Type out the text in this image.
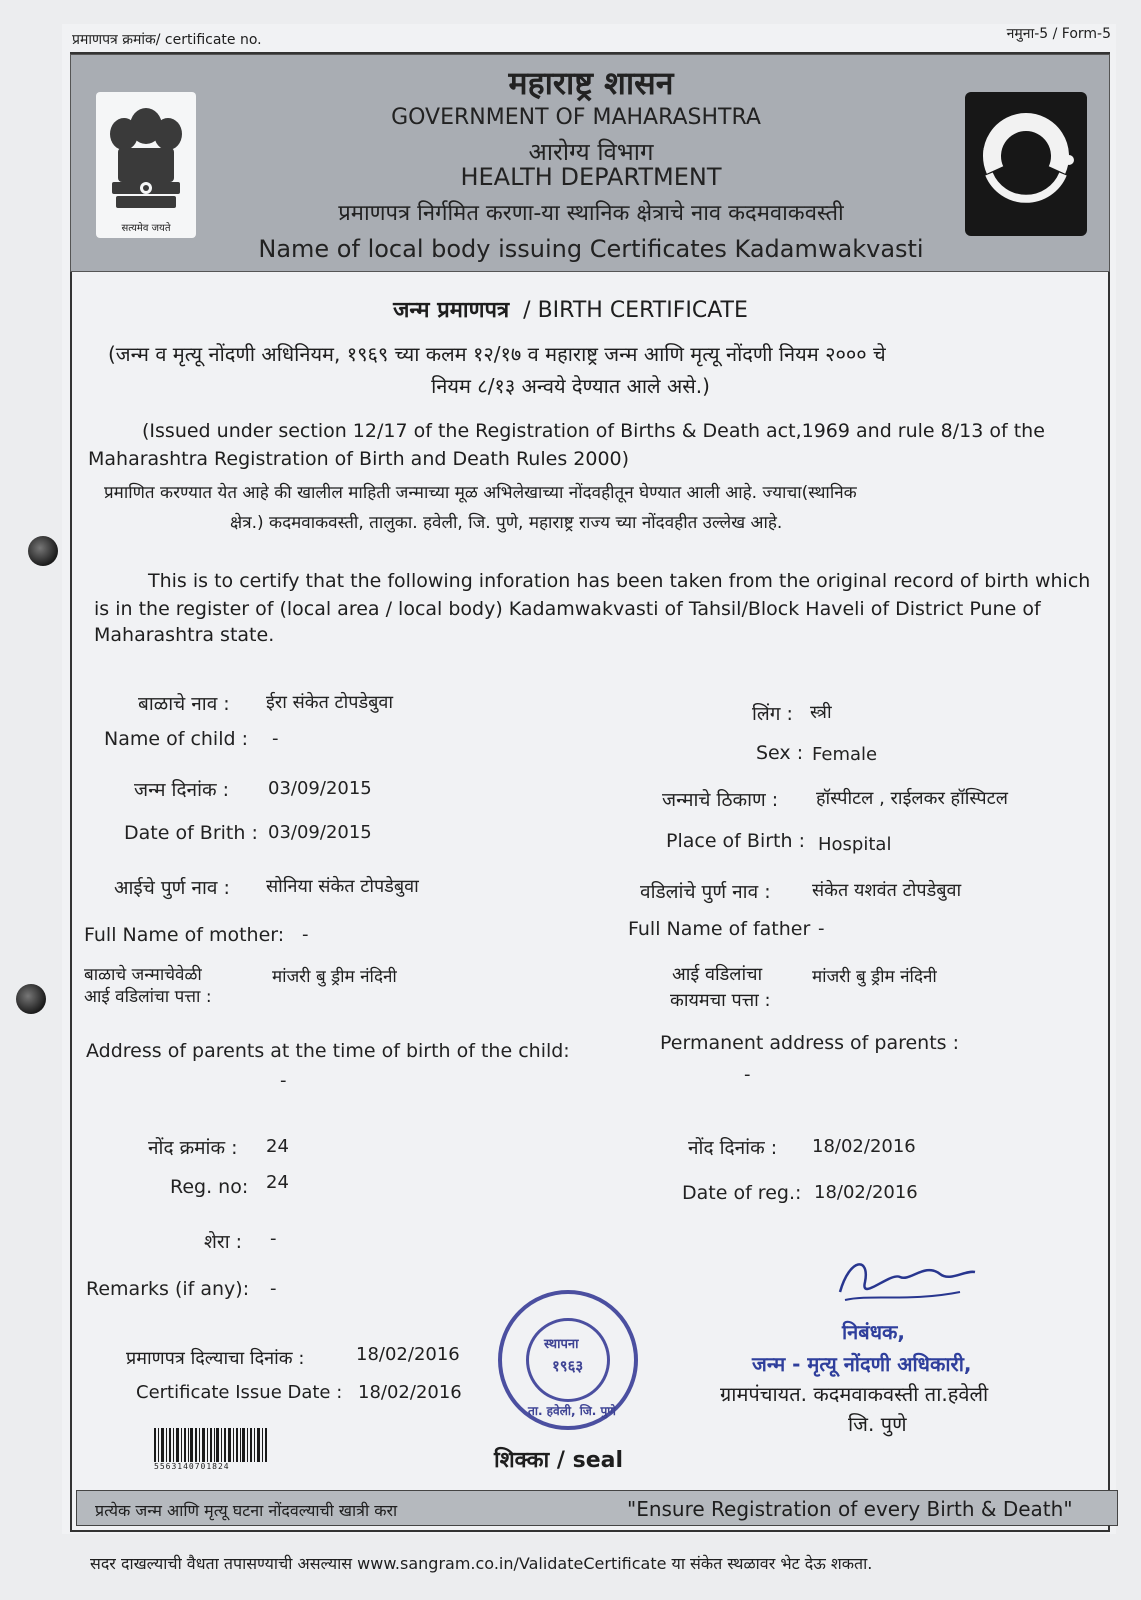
प्रमाणपत्र क्रमांक/ certificate no.	नमुना-5 / Form-5
महाराष्ट्र शासन
GOVERNMENT OF MAHARASHTRA
आरोग्य विभाग
HEALTH DEPARTMENT
प्रमाणपत्र निर्गमित करणा-या स्थानिक क्षेत्राचे नाव कदमवाकवस्ती
Name of local body issuing Certificates Kadamwakvasti
सत्यमेव जयते
जन्म प्रमाणपत्र / BIRTH CERTIFICATE
(जन्म व मृत्यू नोंदणी अधिनियम, १९६९ च्या कलम १२/१७ व महाराष्ट्र जन्म आणि मृत्यू नोंदणी नियम २००० चे
नियम ८/१३ अन्वये देण्यात आले असे.)
(Issued under section 12/17 of the Registration of Births & Death act,1969 and rule 8/13 of the
Maharashtra Registration of Birth and Death Rules 2000)
प्रमाणित करण्यात येत आहे की खालील माहिती जन्माच्या मूळ अभिलेखाच्या नोंदवहीतून घेण्यात आली आहे. ज्याचा(स्थानिक
क्षेत्र.) कदमवाकवस्ती, तालुका. हवेली, जि. पुणे, महाराष्ट्र राज्य च्या नोंदवहीत उल्लेख आहे.
This is to certify that the following inforation has been taken from the original record of birth which
is in the register of (local area / local body) Kadamwakvasti of Tahsil/Block Haveli of District Pune of
Maharashtra state.
बाळाचे नाव : ईरा संकेत टोपडेबुवा
Name of child : -
जन्म दिनांक : 03/09/2015
Date of Brith : 03/09/2015
आईचे पुर्ण नाव : सोनिया संकेत टोपडेबुवा
Full Name of mother: -
बाळाचे जन्माचेवेळी
आई वडिलांचा पत्ता :
मांजरी बु ड्रीम नंदिनी
Address of parents at the time of birth of the child:
-
नोंद क्रमांक : 24
Reg. no: 24
शेरा : -
Remarks (if any): -
प्रमाणपत्र दिल्याचा दिनांक :	18/02/2016
Certificate Issue Date : 18/02/2016
लिंग : स्त्री
Sex : Female
जन्माचे ठिकाण : हॉस्पीटल , राईलकर हॉस्पिटल
Place of Birth : Hospital
वडिलांचे पुर्ण नाव : संकेत यशवंत टोपडेबुवा
Full Name of father -
आई वडिलांचा
कायमचा पत्ता :
मांजरी बु ड्रीम नंदिनी
Permanent address of parents :
-
नोंद दिनांक : 18/02/2016
Date of reg.: 18/02/2016
5563140701824
स्थापना
१९६३
ता. हवेली, जि. पुणे
शिक्का / seal
निबंधक,
जन्म - मृत्यू नोंदणी अधिकारी,
ग्रामपंचायत. कदमवाकवस्ती ता.हवेली
जि. पुणे
प्रत्येक जन्म आणि मृत्यू घटना नोंदवल्याची खात्री करा	"Ensure Registration of every Birth & Death"
सदर दाखल्याची वैधता तपासण्याची असल्यास www.sangram.co.in/ValidateCertificate या संकेत स्थळावर भेट देऊ शकता.
